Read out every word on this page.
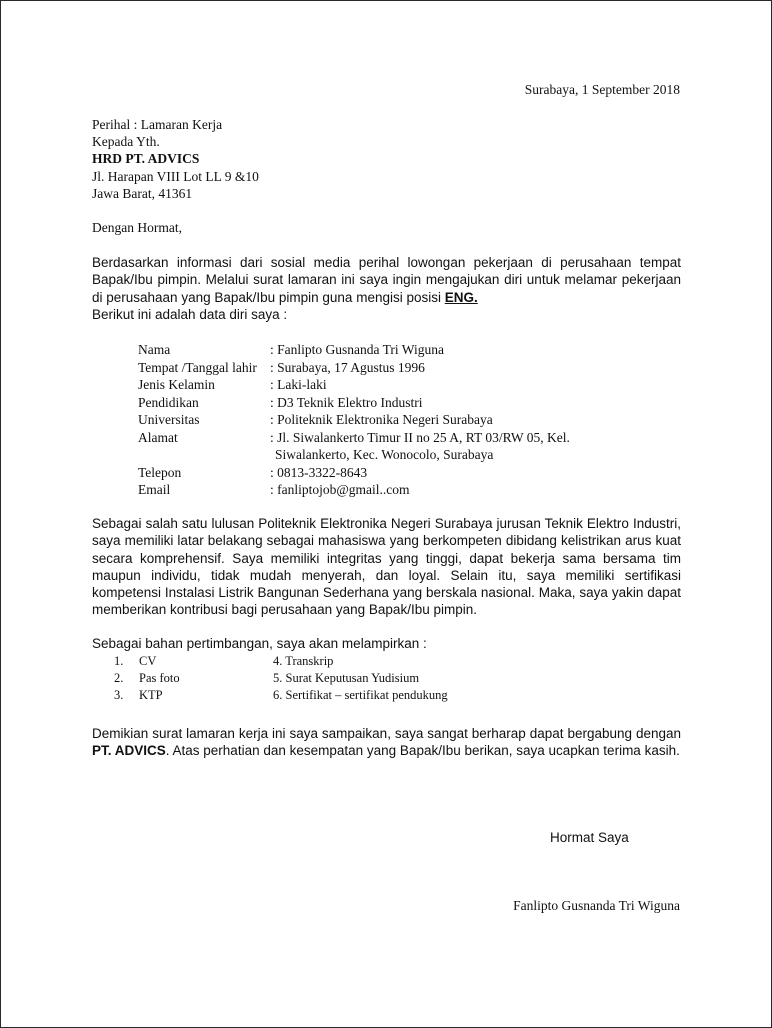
Surabaya, 1 September 2018
Perihal : Lamaran Kerja
Kepada Yth.
HRD PT. ADVICS
Jl. Harapan VIII Lot LL 9 &10
Jawa Barat, 41361
Dengan Hormat,
Berdasarkan informasi dari sosial media perihal lowongan pekerjaan di perusahaan tempat Bapak/Ibu pimpin. Melalui surat lamaran ini saya ingin mengajukan diri untuk melamar pekerjaan di perusahaan yang Bapak/Ibu pimpin guna mengisi posisi ENG.
Berikut ini adalah data diri saya :
Nama	: Fanlipto Gusnanda Tri Wiguna
Tempat /Tanggal lahir : Surabaya, 17 Agustus 1996
Jenis Kelamin	: Laki-laki
Pendidikan	: D3 Teknik Elektro Industri
Universitas	: Politeknik Elektronika Negeri Surabaya
Alamat	: Jl. Siwalankerto Timur II no 25 A, RT 03/RW 05, Kel.
Siwalankerto, Kec. Wonocolo, Surabaya
Telepon	: 0813-3322-8643
Email	: fanliptojob@gmail..com
Sebagai salah satu lulusan Politeknik Elektronika Negeri Surabaya jurusan Teknik Elektro Industri, saya memiliki latar belakang sebagai mahasiswa yang berkompeten dibidang kelistrikan arus kuat secara komprehensif. Saya memiliki integritas yang tinggi, dapat bekerja sama bersama tim maupun individu, tidak mudah menyerah, dan loyal. Selain itu, saya memiliki sertifikasi kompetensi Instalasi Listrik Bangunan Sederhana yang berskala nasional. Maka, saya yakin dapat memberikan kontribusi bagi perusahaan yang Bapak/Ibu pimpin.
Sebagai bahan pertimbangan, saya akan melampirkan :
1. CV	4. Transkrip
2. Pas foto	5. Surat Keputusan Yudisium
3. KTP	6. Sertifikat – sertifikat pendukung
Demikian surat lamaran kerja ini saya sampaikan, saya sangat berharap dapat bergabung dengan PT. ADVICS. Atas perhatian dan kesempatan yang Bapak/Ibu berikan, saya ucapkan terima kasih.
Hormat Saya
Fanlipto Gusnanda Tri Wiguna
